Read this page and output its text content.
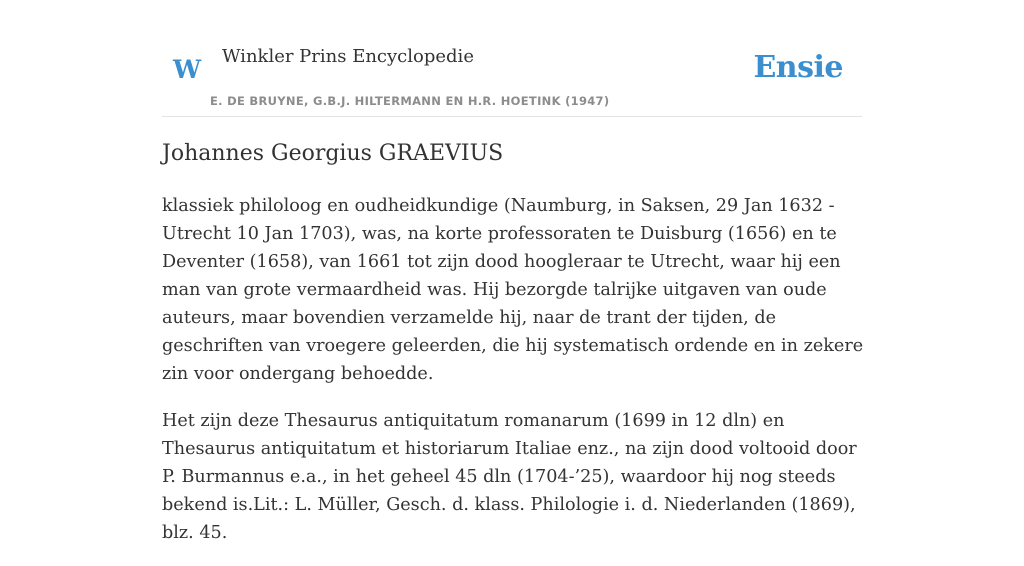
W Winkler Prins Encyclopedie
E. DE BRUYNE, G.B.J. HILTERMANN EN H.R. HOETINK (1947)
Ensie
Johannes Georgius GRAEVIUS

klassiek philoloog en oudheidkundige (Naumburg, in Saksen, 29 Jan 1632 - Utrecht 10 Jan 1703), was, na korte professoraten te Duisburg (1656) en te Deventer (1658), van 1661 tot zijn dood hoogleraar te Utrecht, waar hij een man van grote vermaardheid was. Hij bezorgde talrijke uitgaven van oude auteurs, maar bovendien verzamelde hij, naar de trant der tijden, de geschriften van vroegere geleerden, die hij systematisch ordende en in zekere zin voor ondergang behoedde.

Het zijn deze Thesaurus antiquitatum romanarum (1699 in 12 dln) en Thesaurus antiquitatum et historiarum Italiae enz., na zijn dood voltooid door P. Burmannus e.a., in het geheel 45 dln (1704-’25), waardoor hij nog steeds bekend is.Lit.: L. Müller, Gesch. d. klass. Philologie i. d. Niederlanden (1869), blz. 45.
